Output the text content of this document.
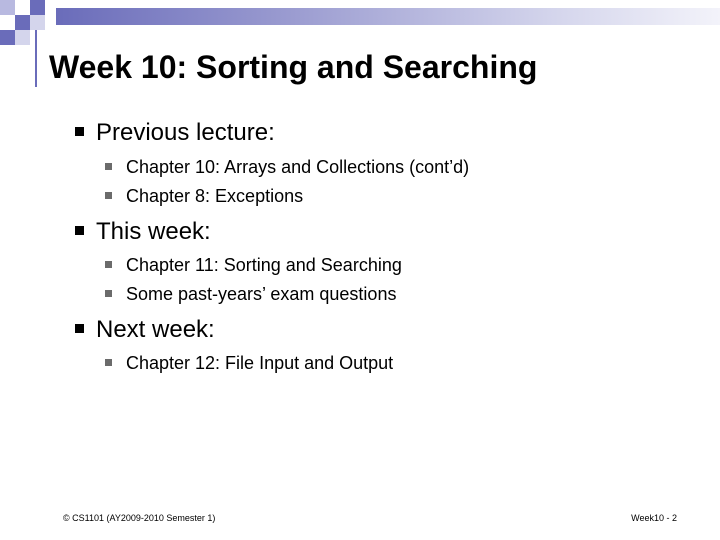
Week 10: Sorting and Searching
Previous lecture:
Chapter 10: Arrays and Collections (cont’d)
Chapter 8: Exceptions
This week:
Chapter 11: Sorting and Searching
Some past-years’ exam questions
Next week:
Chapter 12: File Input and Output
© CS1101 (AY2009-2010 Semester 1)	Week10 - 2
